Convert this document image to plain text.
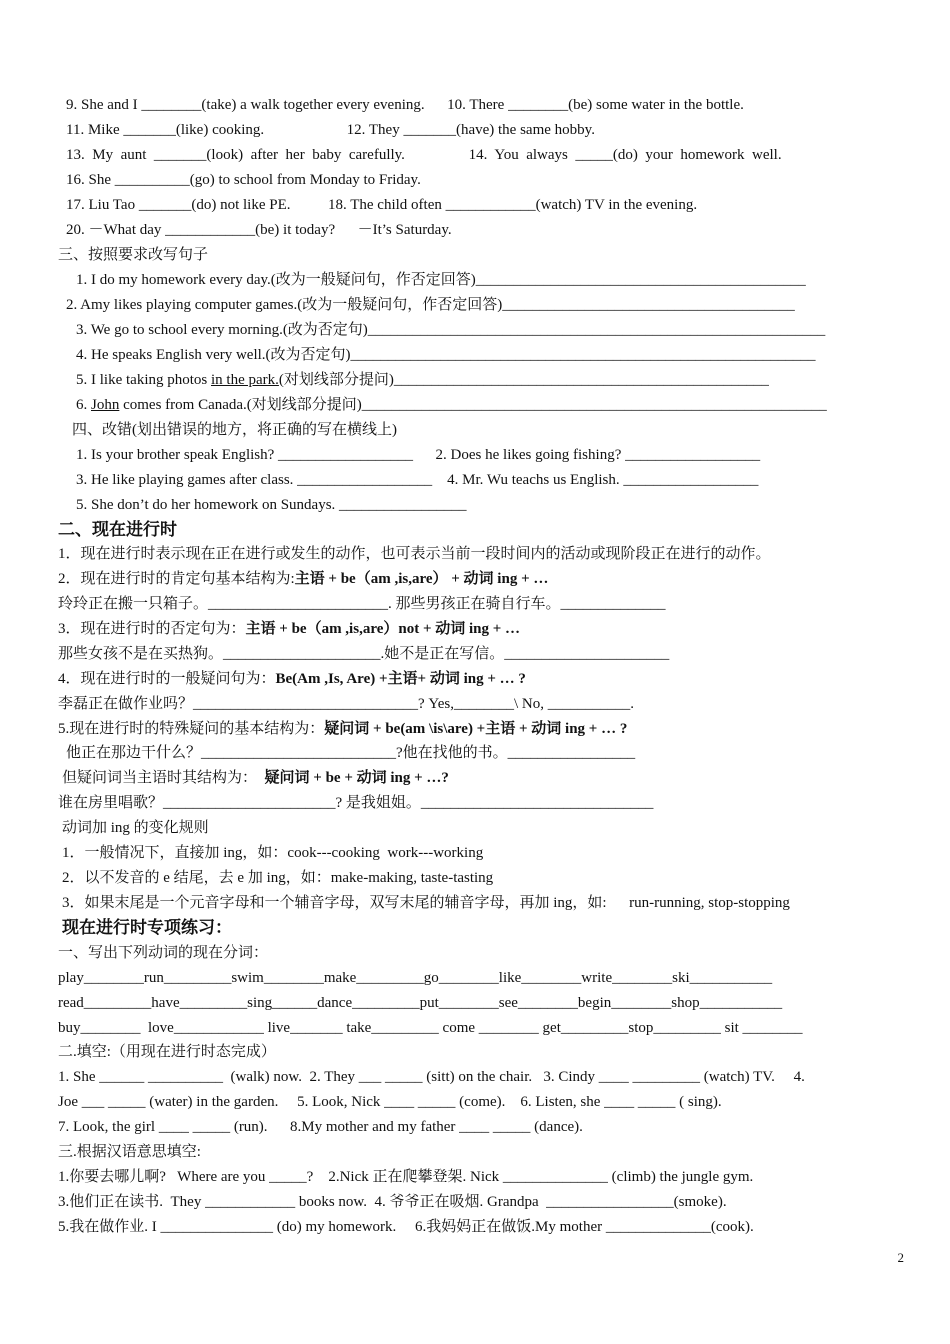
2
9. She and I ________(take) a walk together every evening.      10. There ________(be) some water in the bottle.
11. Mike _______(like) cooking.                      12. They _______(have) the same hobby.
13.  My  aunt  _______(look)  after  her  baby  carefully.                 14.  You  always  _____(do)  your  homework  well.
16. She __________(go) to school from Monday to Friday.
17. Liu Tao _______(do) not like PE.          18. The child often ____________(watch) TV in the evening.
20. －What day ____________(be) it today?      －It’s Saturday.
三、按照要求改写句子
1. I do my homework every day.(改为一般疑问句，作否定回答)____________________________________________
2. Amy likes playing computer games.(改为一般疑问句，作否定回答)_______________________________________
3. We go to school every morning.(改为否定句)_____________________________________________________________
4. He speaks English very well.(改为否定句)______________________________________________________________
5. I like taking photos in the park.(对划线部分提问)__________________________________________________
6. John comes from Canada.(对划线部分提问)______________________________________________________________
四、改错(划出错误的地方，将正确的写在横线上)
1. Is your brother speak English? __________________      2. Does he likes going fishing? __________________
3. He like playing games after class. __________________    4. Mr. Wu teachs us English. __________________
5. She don’t do her homework on Sundays. _________________
二、现在进行时
1．现在进行时表示现在正在进行或发生的动作，也可表示当前一段时间内的活动或现阶段正在进行的动作。
2．现在进行时的肯定句基本结构为:主语 + be（am ,is,are） + 动词 ing + …
玲玲正在搬一只箱子。________________________. 那些男孩正在骑自行车。______________
3．现在进行时的否定句为：主语 + be（am ,is,are）not + 动词 ing + …
那些女孩不是在买热狗。_____________________.她不是正在写信。______________________
4．现在进行时的一般疑问句为：Be(Am ,Is, Are) +主语+ 动词 ing + … ?
李磊正在做作业吗？______________________________? Yes,________\ No, ___________.
5.现在进行时的特殊疑问的基本结构为：疑问词 + be(am \is\are) +主语 + 动词 ing + … ?
他正在那边干什么？__________________________?他在找他的书。_________________
但疑问词当主语时其结构为：  疑问词 + be + 动词 ing + …?
谁在房里唱歌？_______________________? 是我姐姐。_______________________________
动词加 ing 的变化规则
1．一般情况下，直接加 ing，如：cook---cooking  work---working
2．以不发音的 e 结尾，去 e 加 ing，如：make-making, taste-tasting
3．如果末尾是一个元音字母和一个辅音字母，双写末尾的辅音字母，再加 ing，如:      run-running, stop-stopping
现在进行时专项练习：
一、写出下列动词的现在分词：
play________run_________swim________make_________go________like________write________ski___________
read_________have_________sing______dance_________put________see________begin________shop___________
buy________  love____________ live_______ take_________ come ________ get_________stop_________ sit ________
二.填空:（用现在进行时态完成）
1. She ______ __________  (walk) now.  2. They ___ _____ (sitt) on the chair.   3. Cindy ____ _________ (watch) TV.     4.
Joe ___ _____ (water) in the garden.     5. Look, Nick ____ _____ (come).    6. Listen, she ____ _____ ( sing).
7. Look, the girl ____ _____ (run).      8.My mother and my father ____ _____ (dance).
三.根据汉语意思填空:
1.你要去哪儿啊?   Where are you _____?    2.Nick 正在爬攀登架. Nick ______________ (climb) the jungle gym.
3.他们正在读书.  They ____________ books now.  4. 爷爷正在吸烟. Grandpa  _________________(smoke).
5.我在做作业. I _______________ (do) my homework.     6.我妈妈正在做饭.My mother ______________(cook).
